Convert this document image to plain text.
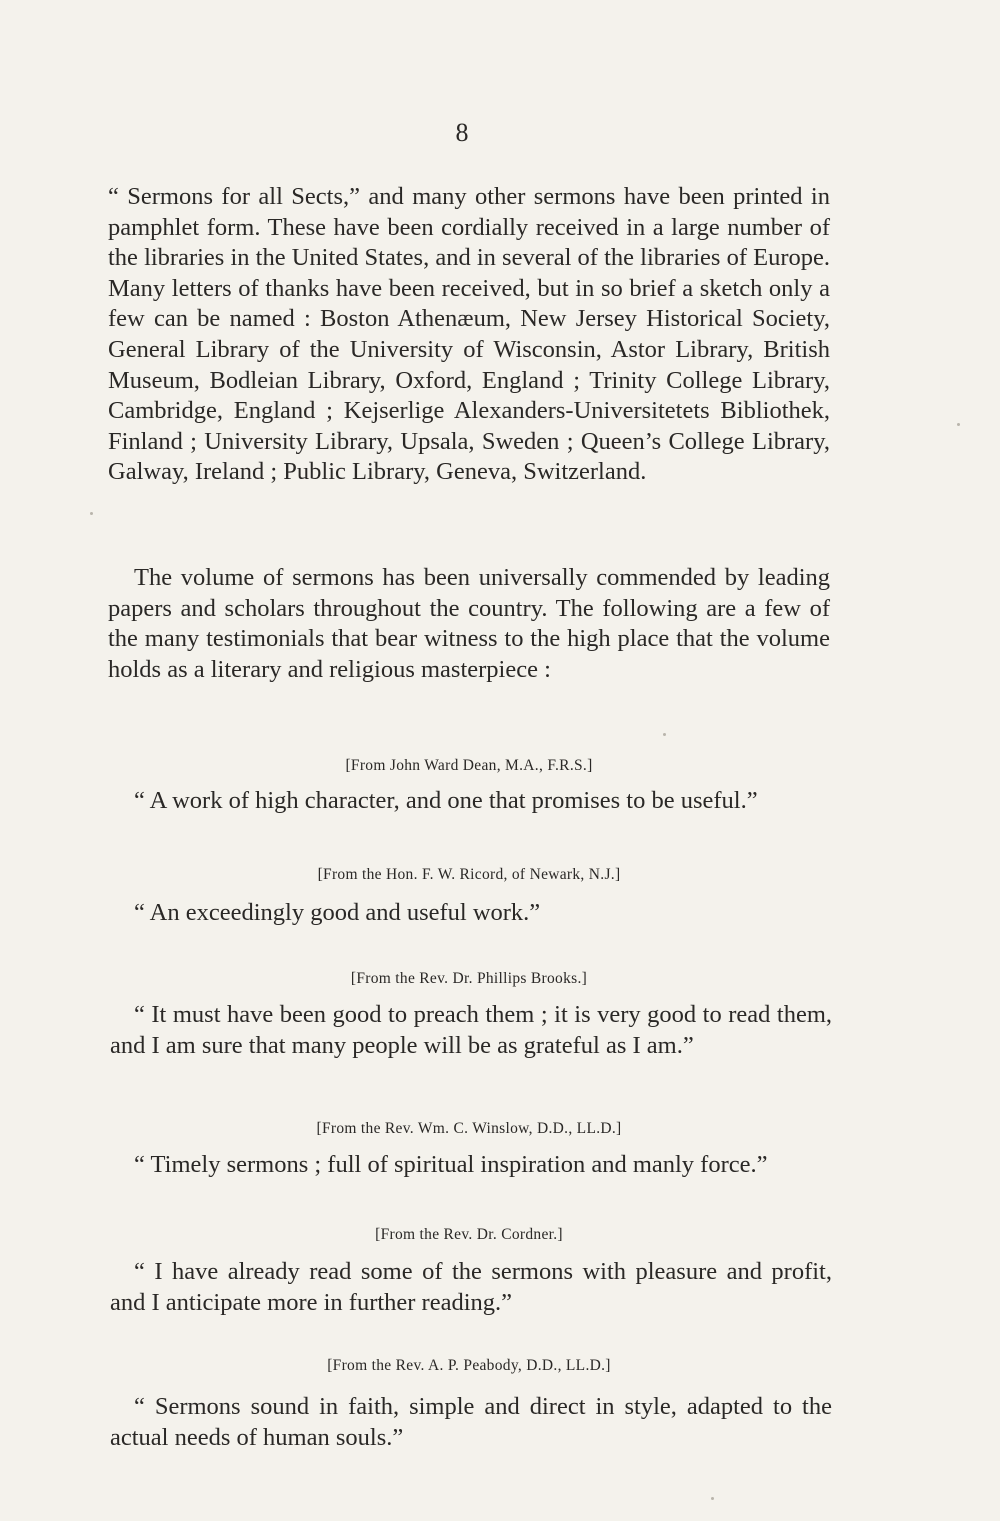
8

“ Sermons for all Sects,” and many other sermons have been printed in pamphlet form. These have been cordially received in a large number of the libraries in the United States, and in several of the libraries of Europe. Many letters of thanks have been received, but in so brief a sketch only a few can be named : Boston Athenæum, New Jersey Historical Society, General Library of the University of Wisconsin, Astor Library, British Museum, Bodleian Library, Oxford, England ; Trinity College Library, Cambridge, England ; Kejserlige Alexanders-Universitetets Bibliothek, Finland ; University Library, Upsala, Sweden ; Queen’s College Library, Galway, Ireland ; Public Library, Geneva, Switzerland.

The volume of sermons has been universally commended by leading papers and scholars throughout the country. The following are a few of the many testimonials that bear witness to the high place that the volume holds as a literary and religious masterpiece :

[From John Ward Dean, M.A., F.R.S.]

“ A work of high character, and one that promises to be useful.”

[From the Hon. F. W. Ricord, of Newark, N.J.]

“ An exceedingly good and useful work.”

[From the Rev. Dr. Phillips Brooks.]

“ It must have been good to preach them ; it is very good to read them, and I am sure that many people will be as grateful as I am.”

[From the Rev. Wm. C. Winslow, D.D., LL.D.]

“ Timely sermons ; full of spiritual inspiration and manly force.”

[From the Rev. Dr. Cordner.]

“ I have already read some of the sermons with pleasure and profit, and I anticipate more in further reading.”

[From the Rev. A. P. Peabody, D.D., LL.D.]

“ Sermons sound in faith, simple and direct in style, adapted to the actual needs of human souls.”
